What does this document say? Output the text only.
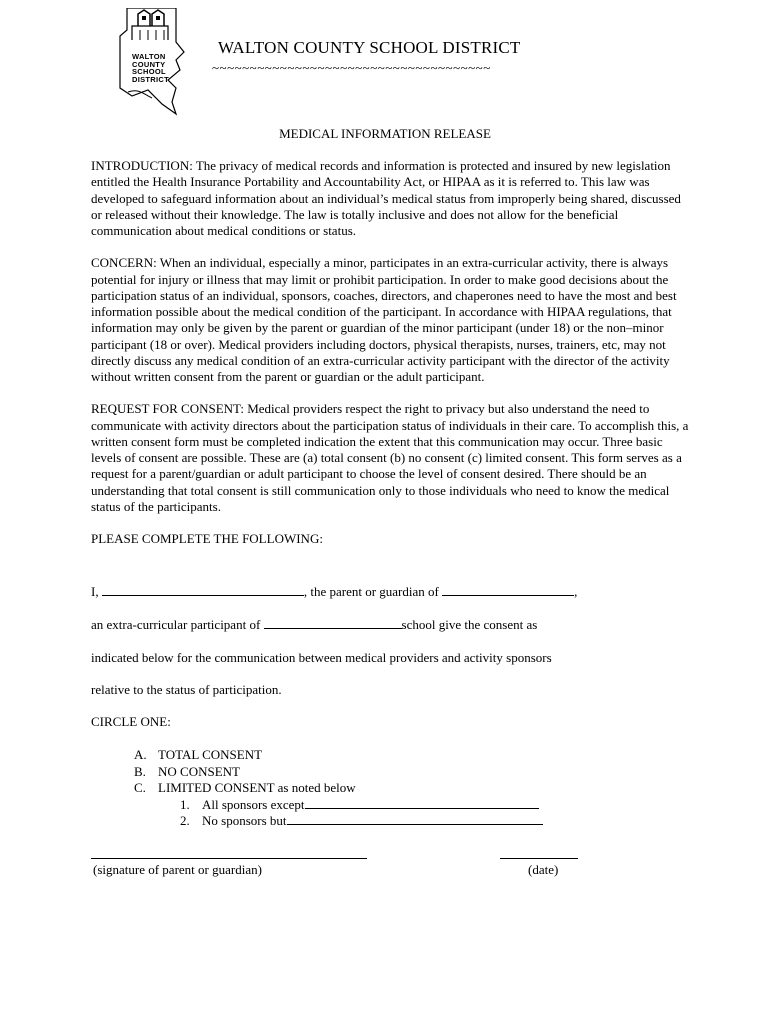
WALTON
COUNTY
SCHOOL
DISTRICT
WALTON COUNTY SCHOOL DISTRICT
~~~~~~~~~~~~~~~~~~~~~~~~~~~~~~~~~~~~~
MEDICAL INFORMATION RELEASE

INTRODUCTION: The privacy of medical records and information is protected and insured by new legislation entitled the Health Insurance Portability and Accountability Act, or HIPAA as it is referred to. This law was developed to safeguard information about an individual’s medical status from improperly being shared, discussed or released without their knowledge. The law is totally inclusive and does not allow for the beneficial communication about medical conditions or status.

CONCERN: When an individual, especially a minor, participates in an extra-curricular activity, there is always potential for injury or illness that may limit or prohibit participation. In order to make good decisions about the participation status of an individual, sponsors, coaches, directors, and chaperones need to have the most and best information possible about the medical condition of the participant. In accordance with HIPAA regulations, that information may only be given by the parent or guardian of the minor participant (under 18) or the non–minor participant (18 or over). Medical providers including doctors, physical therapists, nurses, trainers, etc, may not directly discuss any medical condition of an extra-curricular activity participant with the director of the activity without written consent from the parent or guardian or the adult participant.

REQUEST FOR CONSENT: Medical providers respect the right to privacy but also understand the need to communicate with activity directors about the participation status of individuals in their care. To accomplish this, a written consent form must be completed indication the extent that this communication may occur. Three basic levels of consent are possible. These are (a) total consent (b) no consent (c) limited consent. This form serves as a request for a parent/guardian or adult participant to choose the level of consent desired. There should be an understanding that total consent is still communication only to those individuals who need to know the medical status of the participants.

PLEASE COMPLETE THE FOLLOWING:

I,	, the parent or guardian of	,
an extra-curricular participant of	school give the consent as
indicated below for the communication between medical providers and activity sponsors
relative to the status of participation.
CIRCLE ONE:
A. TOTAL CONSENT
B. NO CONSENT
C. LIMITED CONSENT as noted below
1. All sponsors except
2. No sponsors but
(signature of parent or guardian)	(date)
